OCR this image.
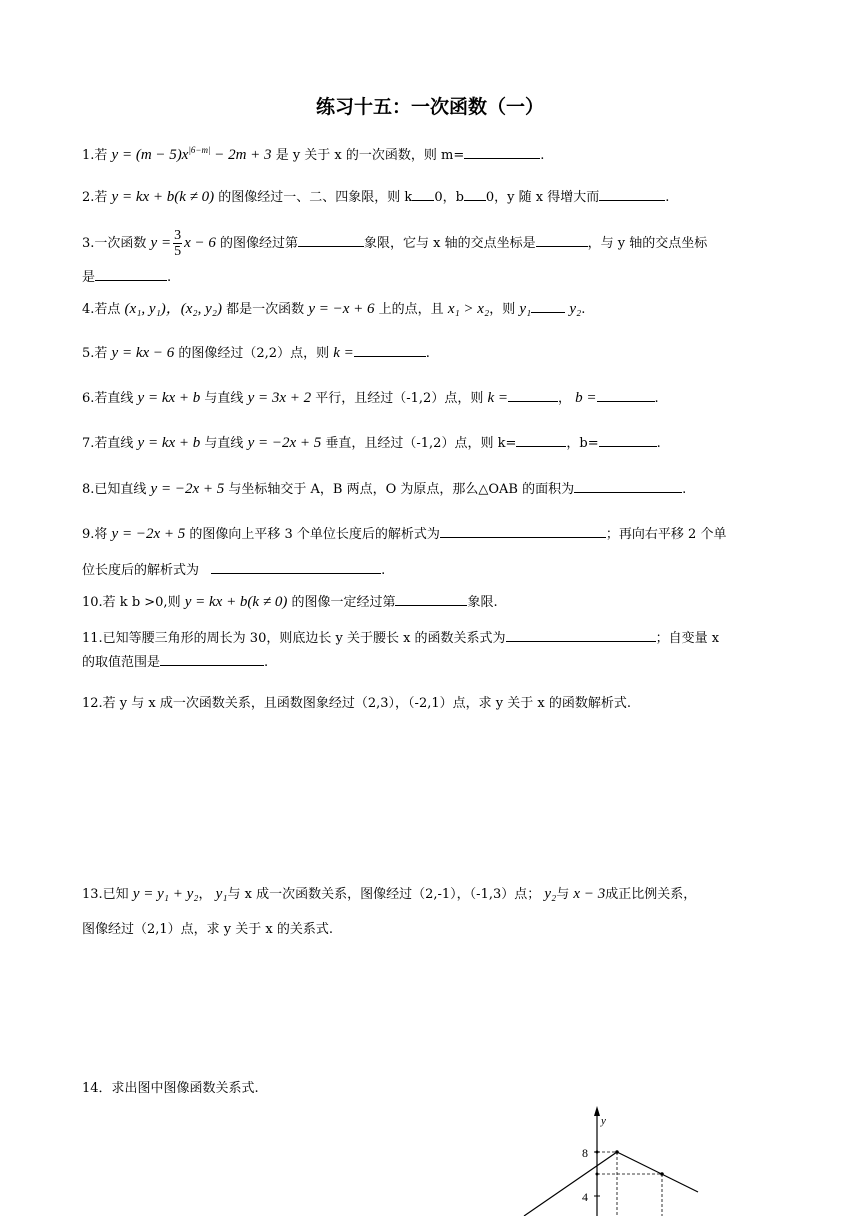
练习十五：一次函数（一）
1.若 $y = (m - 5)x^{|6-m|} - 2m + 3$ 是 y 关于 x 的一次函数，则 m=	.
2.若 y = kx + b(k ≠ 0) 的图像经过一、二、四象限，则 k 0，b 0，y 随 x 得增大而	.
3.一次函数 $y = \frac{3}{5}$ x − 6 的图像经过第	象限，它与 x 轴的交点坐标是	，与 y 轴的交点坐标
是	.
4.若点 (x₁, y₁)，(x₂, y₂) 都是一次函数 y = −x + 6 上的点，且 x₁ > x₂，则 y₁	y₂.
5.若 y = kx − 6 的图像经过（2,2）点，则 k =	.
6.若直线 y = kx + b 与直线 y = 3x + 2 平行，且经过（-1,2）点，则 k =	， b =	.
7.若直线 y = kx + b 与直线 y = −2x + 5 垂直，且经过（-1,2）点，则 k=	，b=	.
8.已知直线 y = −2x + 5 与坐标轴交于 A，B 两点，O 为原点，那么△OAB 的面积为	.
9.将 y = −2x + 5 的图像向上平移 3 个单位长度后的解析式为	；再向右平移 2 个单
位长度后的解析式为	.
10.若 k b >0,则 y = kx + b(k ≠ 0) 的图像一定经过第	象限.
11.已知等腰三角形的周长为 30，则底边长 y 关于腰长 x 的函数关系式为	；自变量 x
的取值范围是	.
12.若 y 与 x 成一次函数关系，且函数图象经过（2,3），（-2,1）点，求 y 关于 x 的函数解析式.
13.已知 y = y₁ + y₂， y₁与 x 成一次函数关系，图像经过（2,-1），（-1,3）点； y₂与 x − 3成正比例关系，
图像经过（2,1）点，求 y 关于 x 的关系式.
14．求出图中图像函数关系式.
y
8
4
